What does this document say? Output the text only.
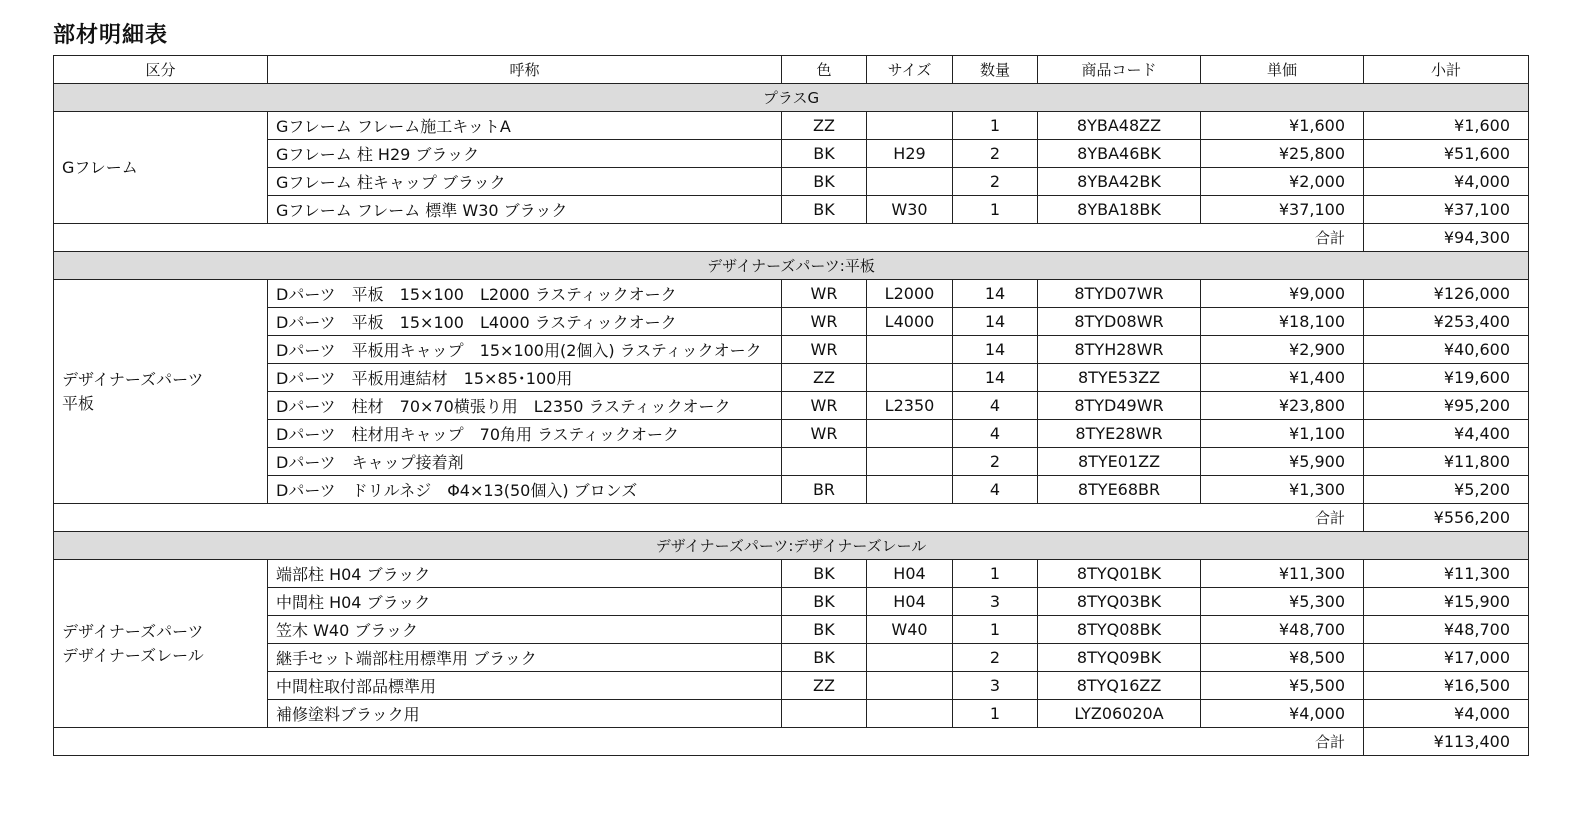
部材明細表
区分	呼称	色	サイズ	数量	商品コード	単価	小計
プラスG							

Gフレーム	Gフレーム フレーム施工キットA	ZZ		1	8YBA48ZZ	¥1,600	¥1,600
	Gフレーム 柱 H29 ブラック	BK	H29	2	8YBA46BK	¥25,800	¥51,600
	Gフレーム 柱キャップ ブラック	BK		2	8YBA42BK	¥2,000	¥4,000
	Gフレーム フレーム 標準 W30 ブラック	BK	W30	1	8YBA18BK	¥37,100	¥37,100
合計							¥94,300
デザイナーズパーツ:平板							

デザイナーズパーツ
平板	Dパーツ　平板　15×100　L2000 ラスティックオーク	WR	L2000	14	8TYD07WR	¥9,000	¥126,000
	Dパーツ　平板　15×100　L4000 ラスティックオーク	WR	L4000	14	8TYD08WR	¥18,100	¥253,400
	Dパーツ　平板用キャップ　15×100用(2個入) ラスティックオーク	WR		14	8TYH28WR	¥2,900	¥40,600
	Dパーツ　平板用連結材　15×85･100用	ZZ		14	8TYE53ZZ	¥1,400	¥19,600
	Dパーツ　柱材　70×70横張り用　L2350 ラスティックオーク	WR	L2350	4	8TYD49WR	¥23,800	¥95,200
	Dパーツ　柱材用キャップ　70角用 ラスティックオーク	WR		4	8TYE28WR	¥1,100	¥4,400
	Dパーツ　キャップ接着剤			2	8TYE01ZZ	¥5,900	¥11,800
	Dパーツ　ドリルネジ　Φ4×13(50個入) ブロンズ	BR		4	8TYE68BR	¥1,300	¥5,200
合計							¥556,200
デザイナーズパーツ:デザイナーズレール							

デザイナーズパーツ
デザイナーズレール	端部柱 H04 ブラック	BK	H04	1	8TYQ01BK	¥11,300	¥11,300
	中間柱 H04 ブラック	BK	H04	3	8TYQ03BK	¥5,300	¥15,900
	笠木 W40 ブラック	BK	W40	1	8TYQ08BK	¥48,700	¥48,700
	継手セット端部柱用標準用 ブラック	BK		2	8TYQ09BK	¥8,500	¥17,000
	中間柱取付部品標準用	ZZ		3	8TYQ16ZZ	¥5,500	¥16,500
	補修塗料ブラック用			1	LYZ06020A	¥4,000	¥4,000
合計							¥113,400
